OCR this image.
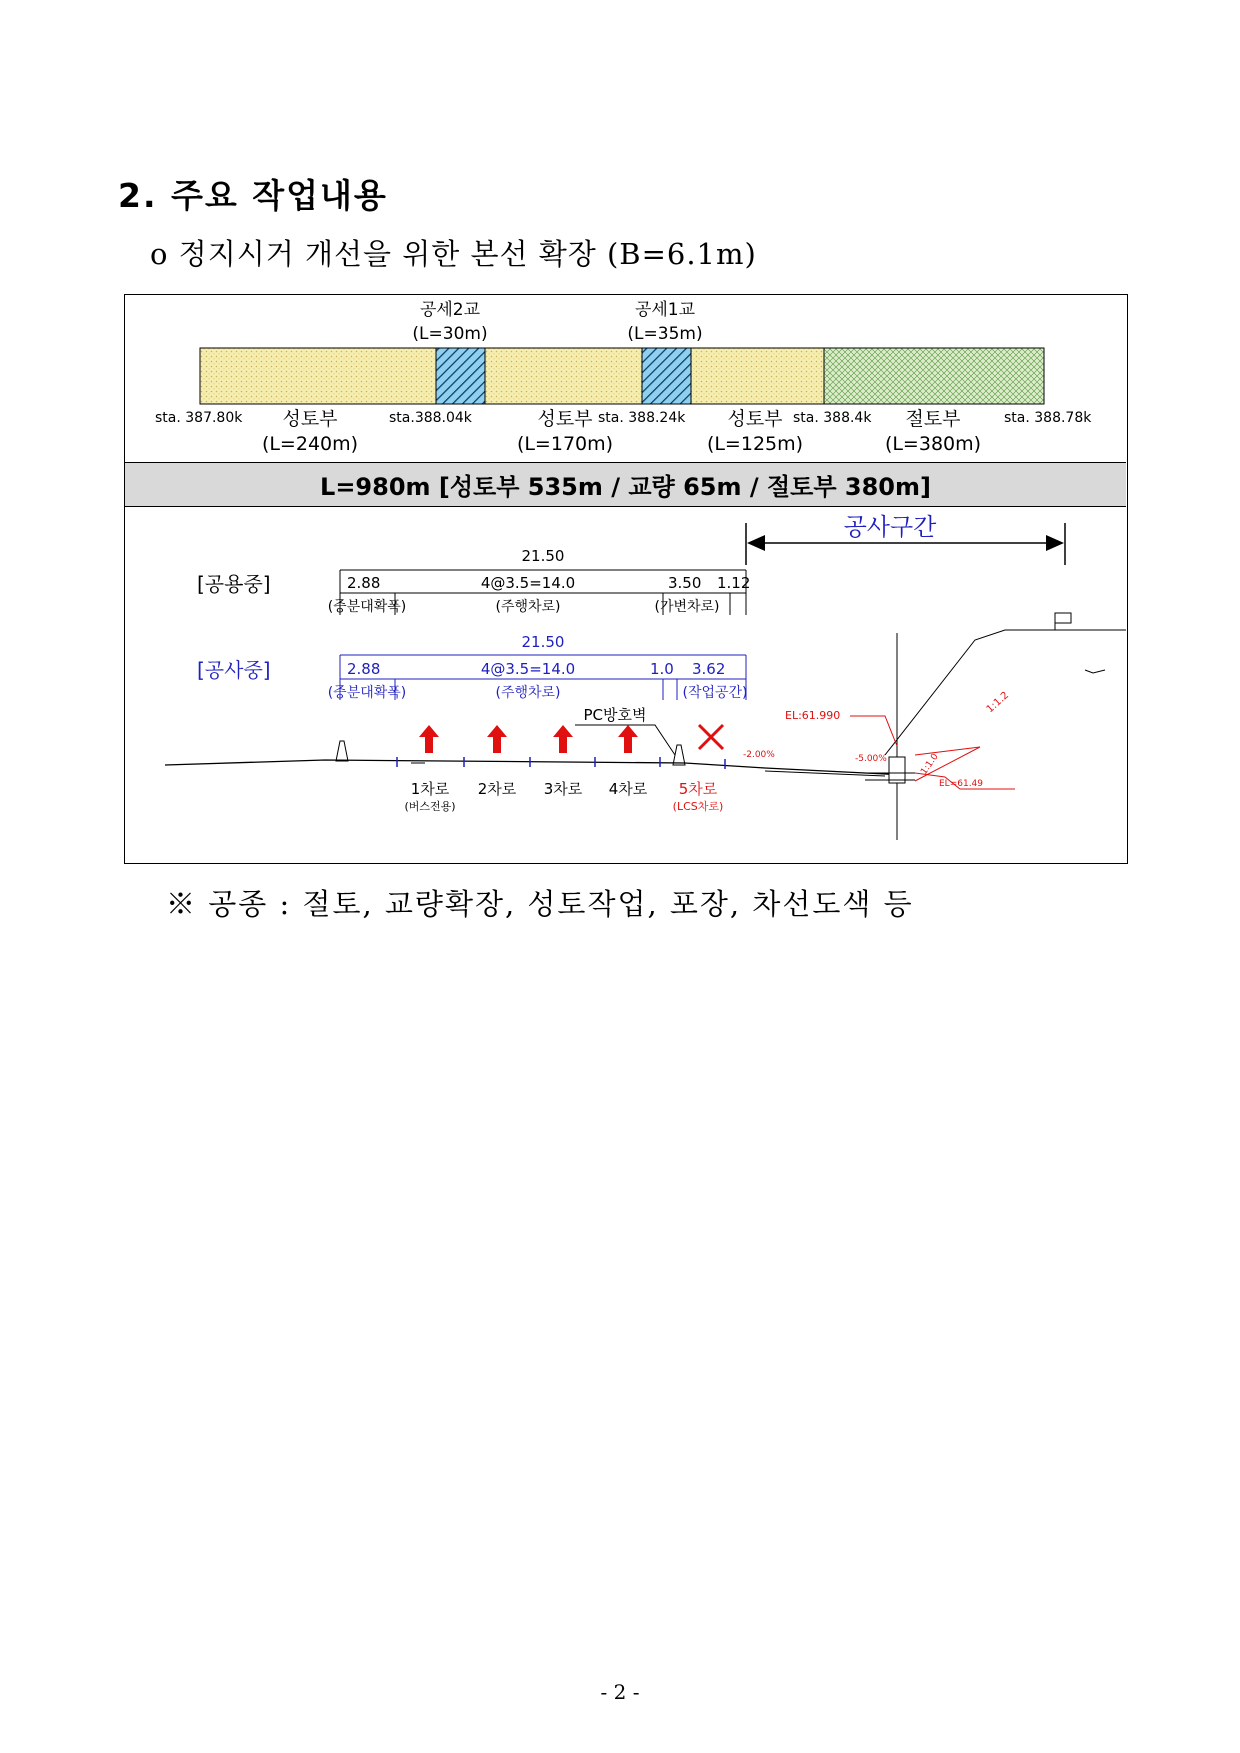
2. 주요 작업내용
o 정지시거 개선을 위한 본선 확장 (B=6.1m)
공세2교
(L=30m)
공세1교
(L=35m)
sta. 387.80k	sta.388.04k	sta. 388.24k	sta. 388.4k	sta. 388.78k
성토부
(L=240m)
성토부
(L=170m)
성토부
(L=125m)
절토부
(L=380m)
공사구간
[공용중]
21.50
2.88	4@3.5=14.0	3.50 1.12
(중분대확폭)	(주행차로)	(가변차로)
[공사중]
21.50
2.88	4@3.5=14.0	1.0 3.62
(중분대확폭)	(주행차로)	(작업공간)
PC방호벽
1차로 2차로 3차로 4차로 5차로
(버스전용)	(LCS차로)
1:1.2
EL:61.990
-2.00%	-5.00%	1:1.0
EL=61.49
L=980m [성토부 535m / 교량 65m / 절토부 380m]
※ 공종 : 절토, 교량확장, 성토작업, 포장, 차선도색 등
- 2 -
